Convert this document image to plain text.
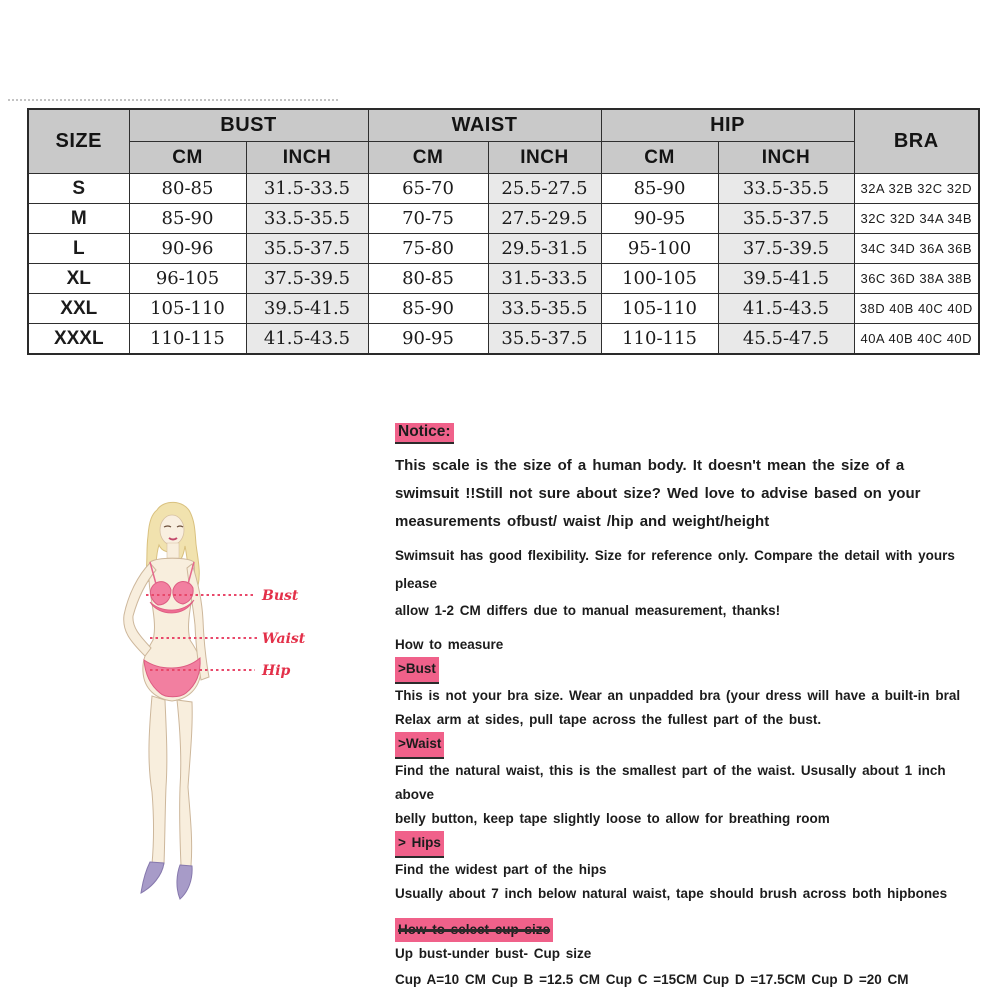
SIZE	BUST		WAIST		HIP		BRA
	CM	INCH	CM	INCH	CM	INCH	
S	80-85	31.5-33.5	65-70	25.5-27.5	85-90	33.5-35.5	32A 32B 32C 32D
M	85-90	33.5-35.5	70-75	27.5-29.5	90-95	35.5-37.5	32C 32D 34A 34B
L	90-96	35.5-37.5	75-80	29.5-31.5	95-100	37.5-39.5	34C 34D 36A 36B
XL	96-105	37.5-39.5	80-85	31.5-33.5	100-105	39.5-41.5	36C 36D 38A 38B
XXL	105-110	39.5-41.5	85-90	33.5-35.5	105-110	41.5-43.5	38D 40B 40C 40D
XXXL	110-115	41.5-43.5	90-95	35.5-37.5	110-115	45.5-47.5	40A 40B 40C 40D
Bust
Waist
Hip
Notice:
This scale is the size of a human body. It doesn't mean the size of a
swimsuit !!Still not sure about size? Wed love to advise based on your
measurements ofbust/ waist /hip and weight/height
Swimsuit has good flexibility. Size for reference only. Compare the detail with yours please
allow 1-2 CM differs due to manual measurement, thanks!
How to measure
>Bust
This is not your bra size. Wear an unpadded bra (your dress will have a built-in bral
Relax arm at sides, pull tape across the fullest part of the bust.
>Waist
Find the natural waist, this is the smallest part of the waist. Ususally about 1 inch above
belly button, keep tape slightly loose to allow for breathing room
> Hips
Find the widest part of the hips
Usually about 7 inch below natural waist, tape should brush across both hipbones
How to select cup size
Up bust-under bust- Cup size
Cup A=10 CM Cup B =12.5 CM Cup C =15CM Cup D =17.5CM Cup D =20 CM
